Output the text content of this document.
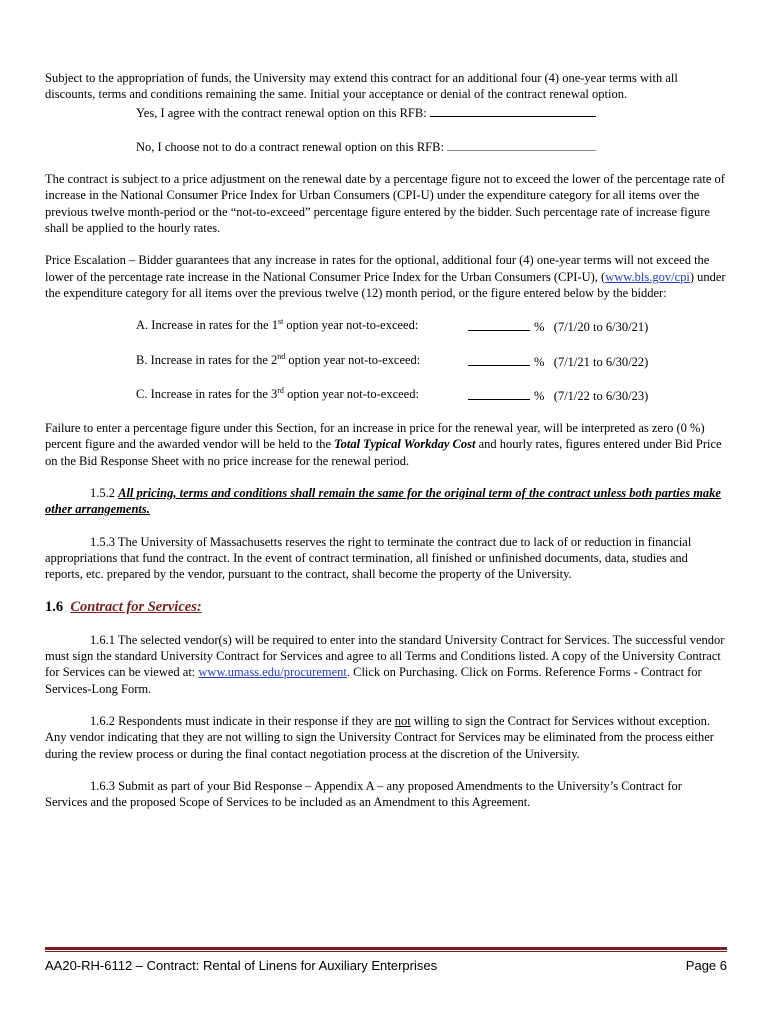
Subject to the appropriation of funds, the University may extend this contract for an additional four (4) one-year terms with all discounts, terms and conditions remaining the same. Initial your acceptance or denial of the contract renewal option.

Yes, I agree with the contract renewal option on this RFB:

No, I choose not to do a contract renewal option on this RFB:

The contract is subject to a price adjustment on the renewal date by a percentage figure not to exceed the lower of the percentage rate of increase in the National Consumer Price Index for Urban Consumers (CPI-U) under the expenditure category for all items over the previous twelve month-period or the “not-to-exceed” percentage figure entered by the bidder. Such percentage rate of increase figure shall be applied to the hourly rates.

Price Escalation – Bidder guarantees that any increase in rates for the optional, additional four (4) one-year terms will not exceed the lower of the percentage rate increase in the National Consumer Price Index for the Urban Consumers (CPI-U), (www.bls.gov/cpi) under the expenditure category for all items over the previous twelve (12) month period, or the figure entered below by the bidder:

A. Increase in rates for the 1st option year not-to-exceed:	% (7/1/20 to 6/30/21)
B. Increase in rates for the 2nd option year not-to-exceed:	% (7/1/21 to 6/30/22)
C. Increase in rates for the 3rd option year not-to-exceed:	% (7/1/22 to 6/30/23)

Failure to enter a percentage figure under this Section, for an increase in price for the renewal year, will be interpreted as zero (0 %) percent figure and the awarded vendor will be held to the Total Typical Workday Cost and hourly rates, figures entered under Bid Price on the Bid Response Sheet with no price increase for the renewal period.

1.5.2 All pricing, terms and conditions shall remain the same for the original term of the contract unless both parties make other arrangements.

1.5.3 The University of Massachusetts reserves the right to terminate the contract due to lack of or reduction in financial appropriations that fund the contract. In the event of contract termination, all finished or unfinished documents, data, studies and reports, etc. prepared by the vendor, pursuant to the contract, shall become the property of the University.

1.6 Contract for Services:

1.6.1 The selected vendor(s) will be required to enter into the standard University Contract for Services. The successful vendor must sign the standard University Contract for Services and agree to all Terms and Conditions listed. A copy of the University Contract for Services can be viewed at: www.umass.edu/procurement. Click on Purchasing. Click on Forms. Reference Forms - Contract for Services-Long Form.

1.6.2 Respondents must indicate in their response if they are not willing to sign the Contract for Services without exception. Any vendor indicating that they are not willing to sign the University Contract for Services may be eliminated from the process either during the review process or during the final contact negotiation process at the discretion of the University.

1.6.3 Submit as part of your Bid Response – Appendix A – any proposed Amendments to the University’s Contract for Services and the proposed Scope of Services to be included as an Amendment to this Agreement.

AA20-RH-6112 – Contract: Rental of Linens for Auxiliary Enterprises	Page 6
